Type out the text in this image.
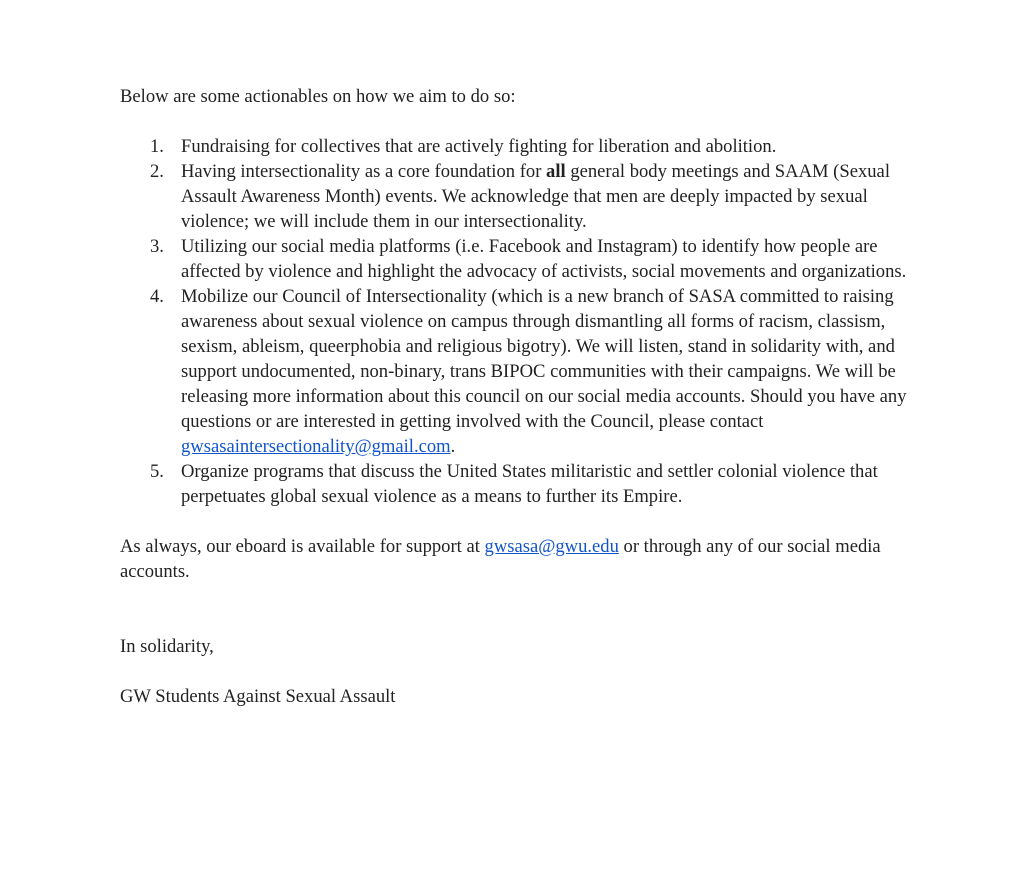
Below are some actionables on how we aim to do so:

1. Fundraising for collectives that are actively fighting for liberation and abolition.
2. Having intersectionality as a core foundation for all general body meetings and SAAM (Sexual Assault Awareness Month) events. We acknowledge that men are deeply impacted by sexual violence; we will include them in our intersectionality.
3. Utilizing our social media platforms (i.e. Facebook and Instagram) to identify how people are affected by violence and highlight the advocacy of activists, social movements and organizations.
4. Mobilize our Council of Intersectionality (which is a new branch of SASA committed to raising awareness about sexual violence on campus through dismantling all forms of racism, classism, sexism, ableism, queerphobia and religious bigotry). We will listen, stand in solidarity with, and support undocumented, non-binary, trans BIPOC communities with their campaigns. We will be releasing more information about this council on our social media accounts. Should you have any questions or are interested in getting involved with the Council, please contact gwsasaintersectionality@gmail.com.
5. Organize programs that discuss the United States militaristic and settler colonial violence that perpetuates global sexual violence as a means to further its Empire.

As always, our eboard is available for support at gwsasa@gwu.edu or through any of our social media accounts.

In solidarity,

GW Students Against Sexual Assault
